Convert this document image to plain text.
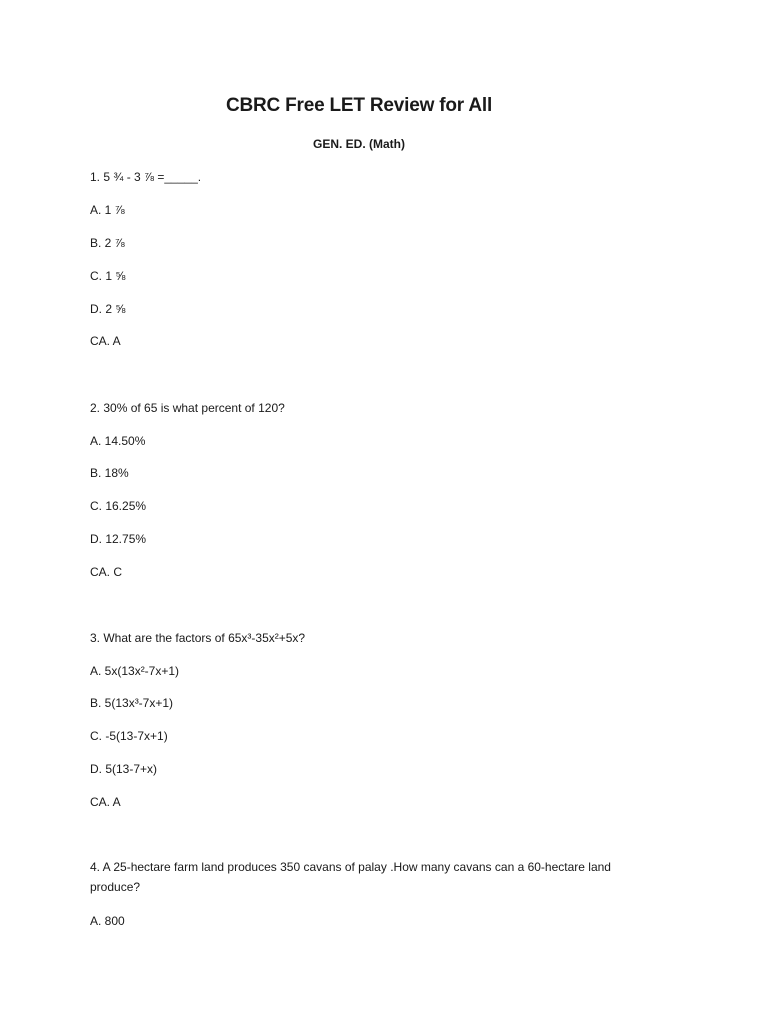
CBRC Free LET Review for All
GEN. ED. (Math)
1. 5 ¾ - 3 ⅞ =_____.
A. 1 ⅞
B. 2 ⅞
C. 1 ⅝
D. 2 ⅝
CA. A
2. 30% of 65 is what percent of 120?
A. 14.50%
B. 18%
C. 16.25%
D. 12.75%
CA. C
3. What are the factors of 65x³-35x²+5x?
A. 5x(13x²-7x+1)
B. 5(13x³-7x+1)
C. -5(13-7x+1)
D. 5(13-7+x)
CA. A
4. A 25-hectare farm land produces 350 cavans of palay .How many cavans can a 60-hectare land produce?
A. 800
